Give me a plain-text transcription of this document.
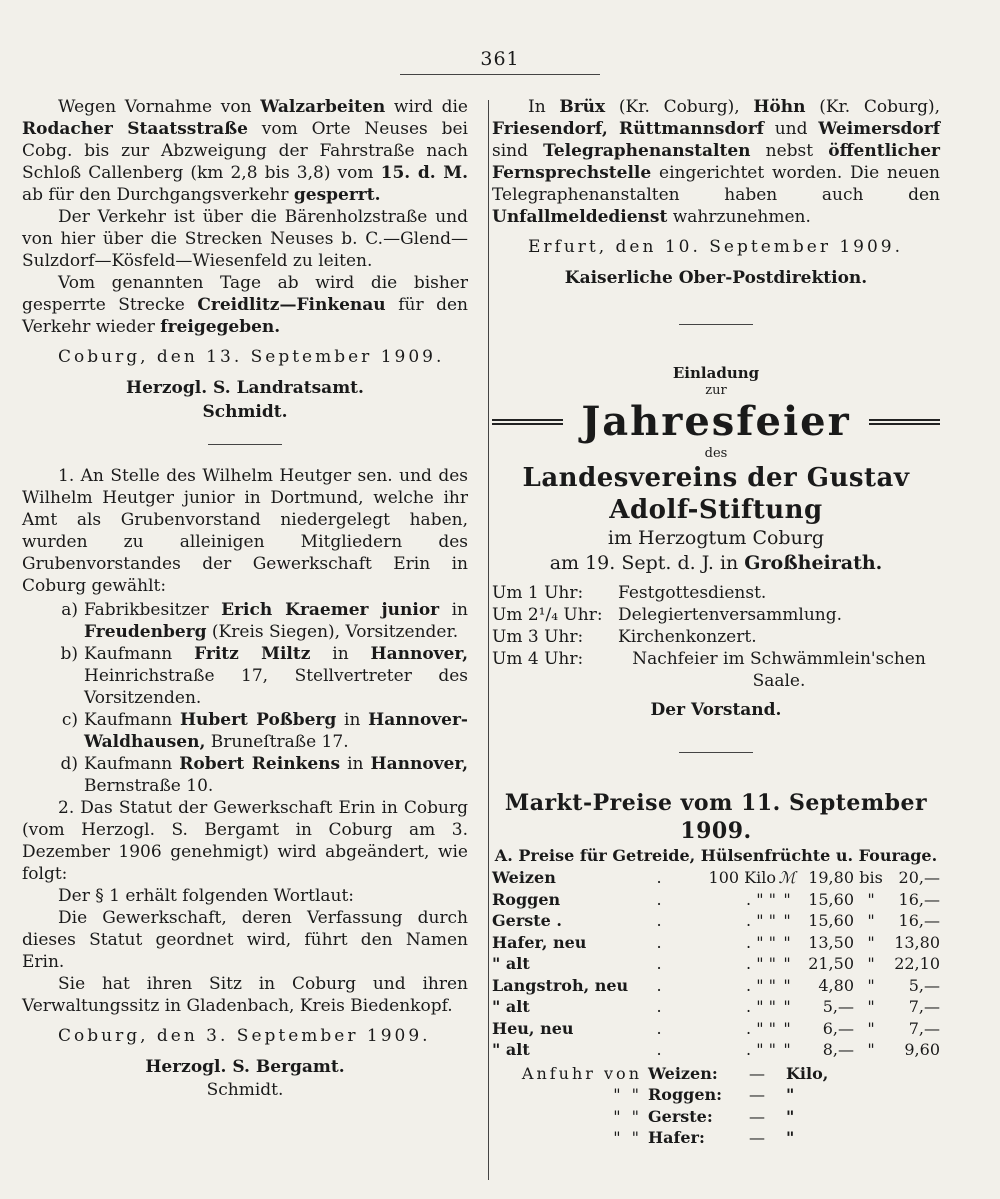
361

Wegen Vornahme von Walzarbeiten wird die Rodacher Staatsstraße vom Orte Neuses bei Cobg. bis zur Abzweigung der Fahrstraße nach Schloß Callenberg (km 2,8 bis 3,8) vom 15. d. M. ab für den Durchgangsverkehr gesperrt.

Der Verkehr ist über die Bärenholzstraße und von hier über die Strecken Neuses b. C.—Glend—Sulzdorf—Kösfeld—Wiesenfeld zu leiten.

Vom genannten Tage ab wird die bisher gesperrte Strecke Creidlitz—Finkenau für den Verkehr wieder freigegeben.

Coburg, den 13. September 1909.

Herzogl. S. Landratsamt.
Schmidt.

1. An Stelle des Wilhelm Heutger sen. und des Wilhelm Heutger junior in Dortmund, welche ihr Amt als Grubenvorstand niedergelegt haben, wurden zu alleinigen Mitgliedern des Grubenvorstandes der Gewerkschaft Erin in Coburg gewählt:

a) Fabrikbesitzer Erich Kraemer junior in Freudenberg (Kreis Siegen), Vorsitzender.
b) Kaufmann Fritz Miltz in Hannover, Heinrichstraße 17, Stellvertreter des Vorsitzenden.
c) Kaufmann Hubert Poßberg in Hannover-Waldhausen, Bruneſtraße 17.
d) Kaufmann Robert Reinkens in Hannover, Bernstraße 10.

2. Das Statut der Gewerkschaft Erin in Coburg (vom Herzogl. S. Bergamt in Coburg am 3. Dezember 1906 genehmigt) wird abgeändert, wie folgt:

Der § 1 erhält folgenden Wortlaut:

Die Gewerkschaft, deren Verfassung durch dieses Statut geordnet wird, führt den Namen Erin.

Sie hat ihren Sitz in Coburg und ihren Verwaltungssitz in Gladenbach, Kreis Biedenkopf.

Coburg, den 3. September 1909.

Herzogl. S. Bergamt.
Schmidt.

In Brüx (Kr. Coburg), Höhn (Kr. Coburg), Friesendorf, Rüttmannsdorf und Weimersdorf sind Telegraphenanstalten nebst öffentlicher Fernsprechstelle eingerichtet worden. Die neuen Telegraphenanstalten haben auch den Unfallmeldedienst wahrzunehmen.

Erfurt, den 10. September 1909.

Kaiserliche Ober-Postdirektion.
Einladung
zur
Jahresfeier
des
Landesvereins der Gustav Adolf-Stiftung
im Herzogtum Coburg
am 19. Sept. d. J. in Großheirath.
Um 1 Uhr:	Festgottesdienst.
Um 2¹/₄ Uhr: Delegiertenversammlung.
Um 3 Uhr:	Kirchenkonzert.
Um 4 Uhr:	Nachfeier im Schwämmlein'schen Saale.
Der Vorstand.
Markt-Preise vom 11. September 1909.
A. Preise für Getreide, Hülsenfrüchte u. Fourage.
Weizen	.	100 Kilo	ℳ	19,80	bis	20,—
Roggen	.	. " "	"	15,60	"	16,—
Gerste .	.	. " "	"	15,60	"	16,—
Hafer, neu	.	. " "	"	13,50	"	13,80
" alt	.	. " "	"	21,50	"	22,10
Langstroh, neu	.	. " "	"	4,80	"	5,—
" alt	.	. " "	"	5,—	"	7,—
Heu, neu	.	. " "	"	6,—	"	7,—
" alt	.	. " "	"	8,—	"	9,60
Anfuhr von	Weizen:	—	Kilo,
" "	Roggen:	—	"
" "	Gerste:	—	"
" "	Hafer:	—	"
